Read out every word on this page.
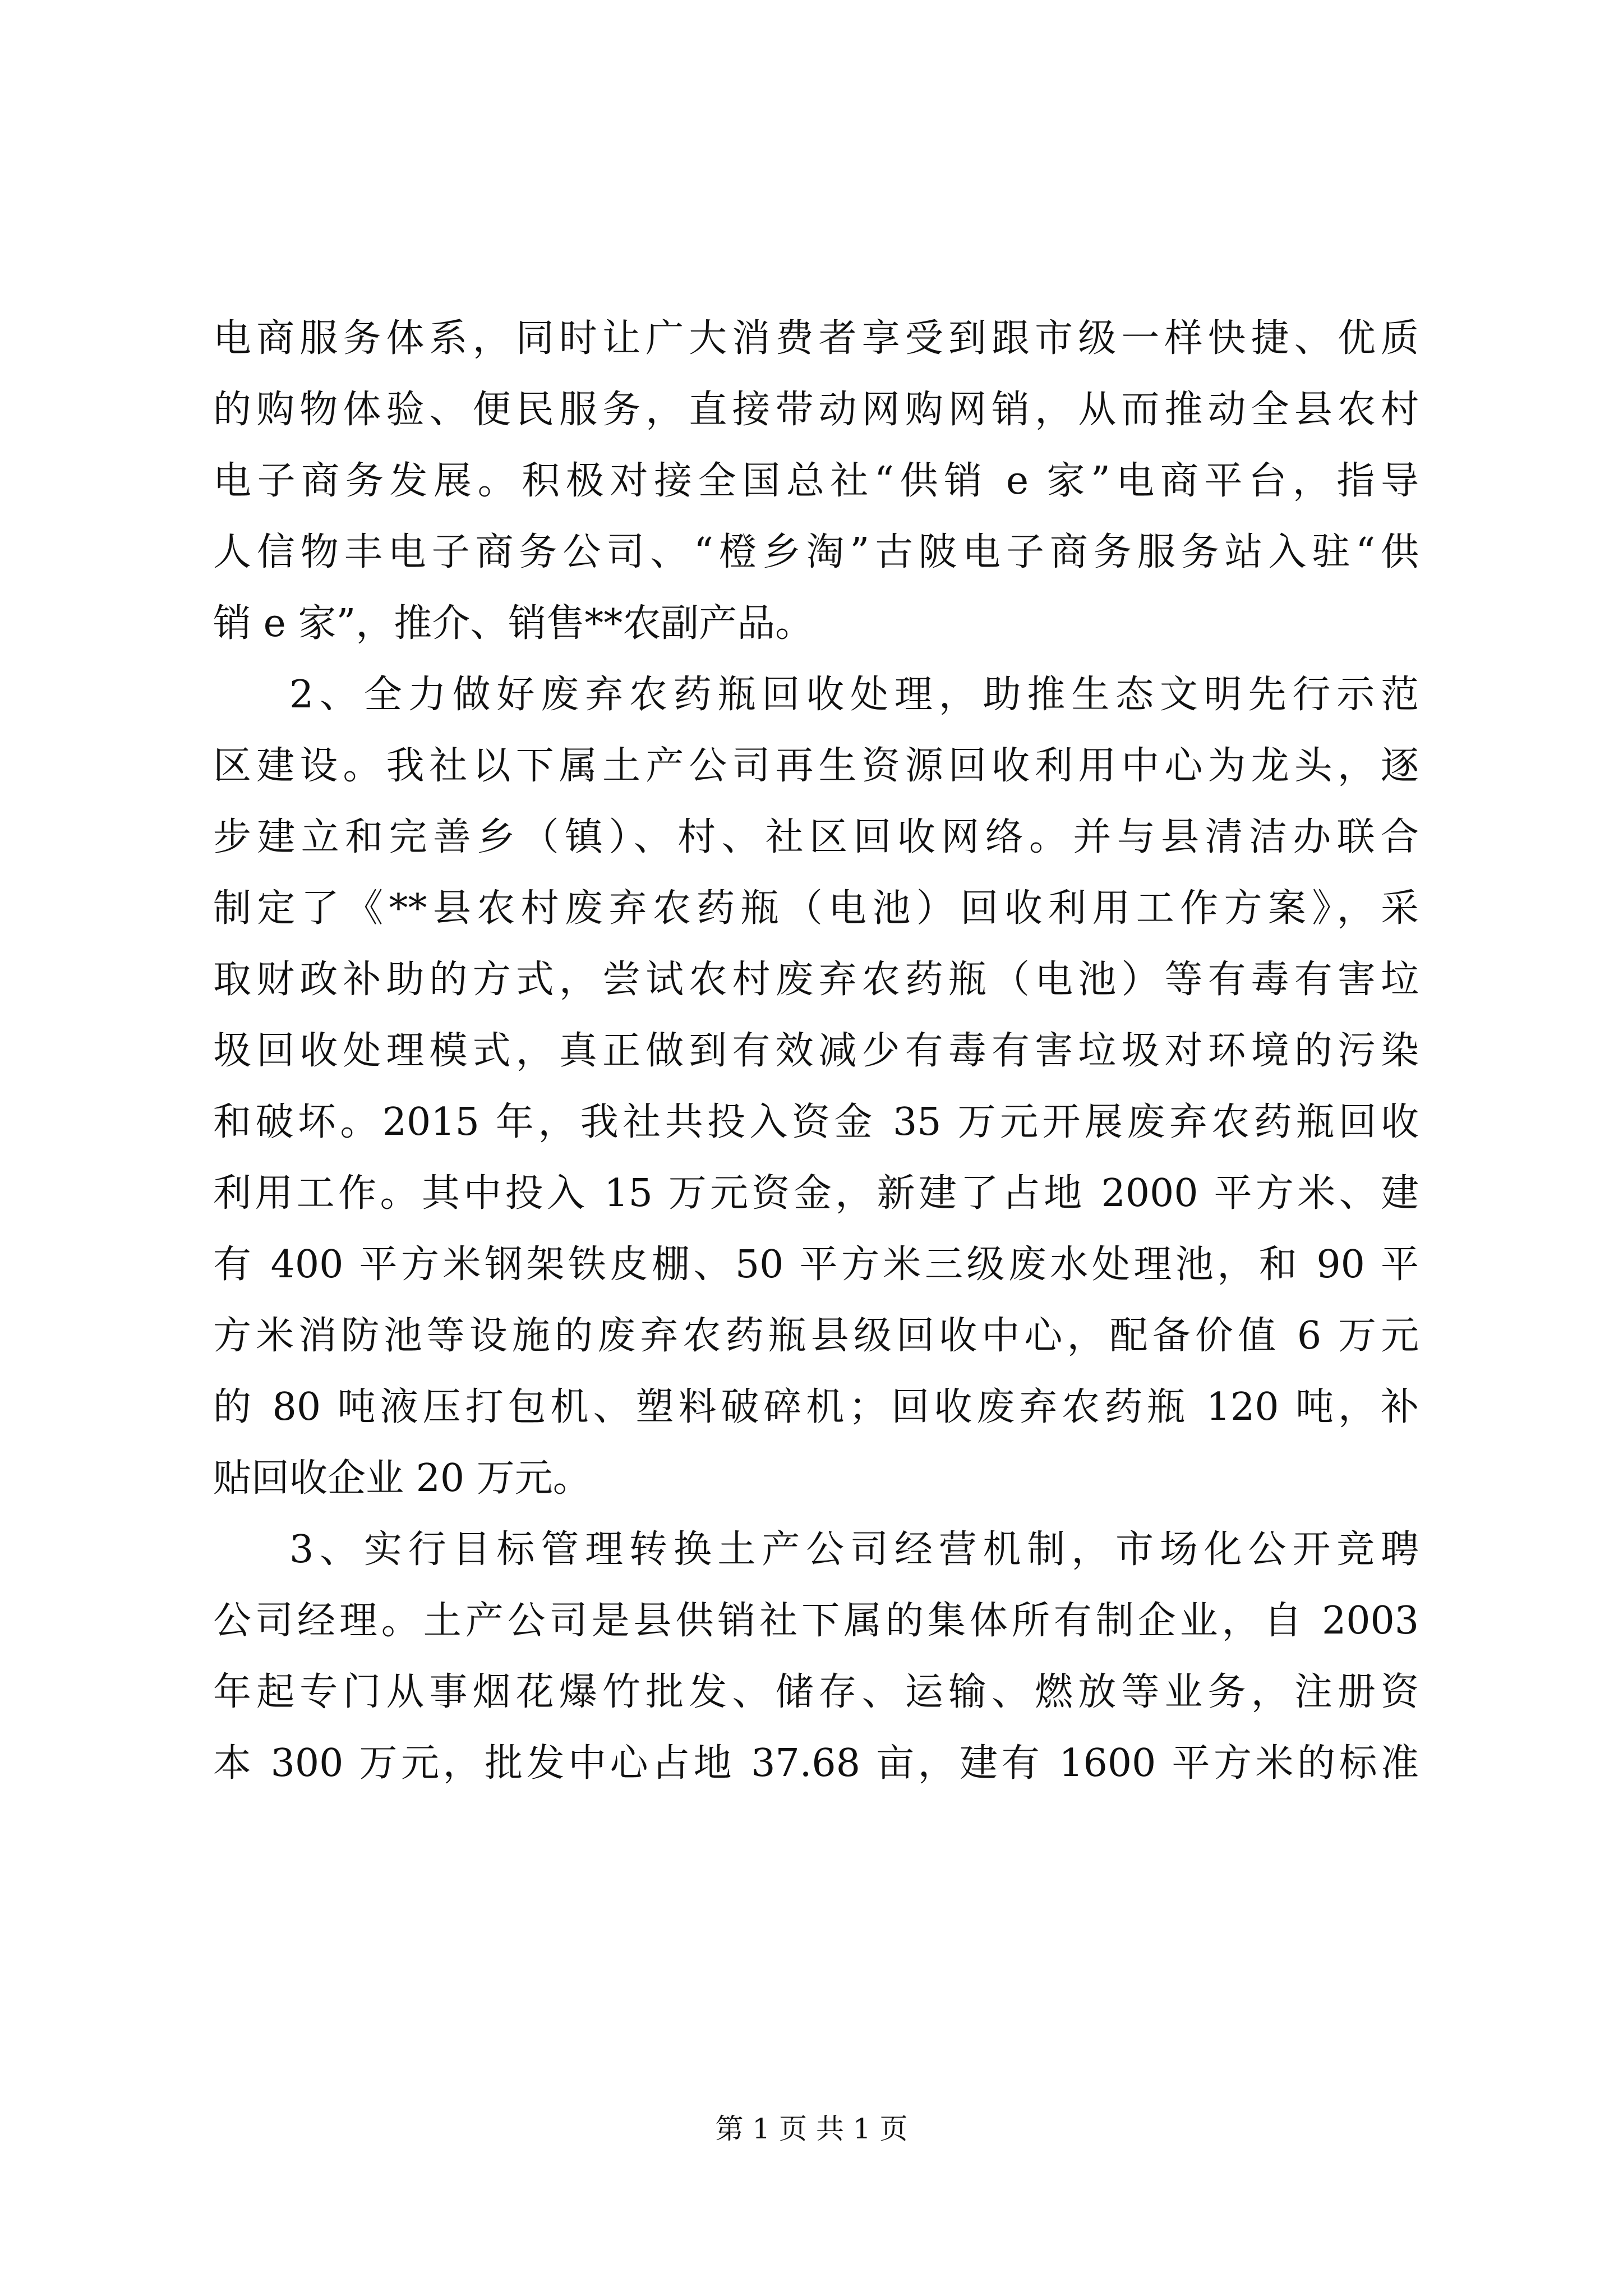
电商服务体系，同时让广大消费者享受到跟市级一样快捷、优质
的购物体验、便民服务，直接带动网购网销，从而推动全县农村
电子商务发展。积极对接全国总社“供销 e 家”电商平台，指导
人信物丰电子商务公司、“橙乡淘”古陂电子商务服务站入驻“供
销 e 家”，推介、销售**农副产品。
2、全力做好废弃农药瓶回收处理，助推生态文明先行示范
区建设。我社以下属土产公司再生资源回收利用中心为龙头，逐
步建立和完善乡（镇）、村、社区回收网络。并与县清洁办联合
制定了《**县农村废弃农药瓶（电池）回收利用工作方案》，采
取财政补助的方式，尝试农村废弃农药瓶（电池）等有毒有害垃
圾回收处理模式，真正做到有效减少有毒有害垃圾对环境的污染
和破坏。2015 年，我社共投入资金 35 万元开展废弃农药瓶回收
利用工作。其中投入 15 万元资金，新建了占地 2000 平方米、建
有 400 平方米钢架铁皮棚、50 平方米三级废水处理池，和 90 平
方米消防池等设施的废弃农药瓶县级回收中心，配备价值 6 万元
的 80 吨液压打包机、塑料破碎机；回收废弃农药瓶 120 吨，补
贴回收企业 20 万元。
3、实行目标管理转换土产公司经营机制，市场化公开竞聘
公司经理。土产公司是县供销社下属的集体所有制企业，自 2003
年起专门从事烟花爆竹批发、储存、运输、燃放等业务，注册资
本 300 万元，批发中心占地 37.68 亩，建有 1600 平方米的标准
第 1 页 共 1 页
